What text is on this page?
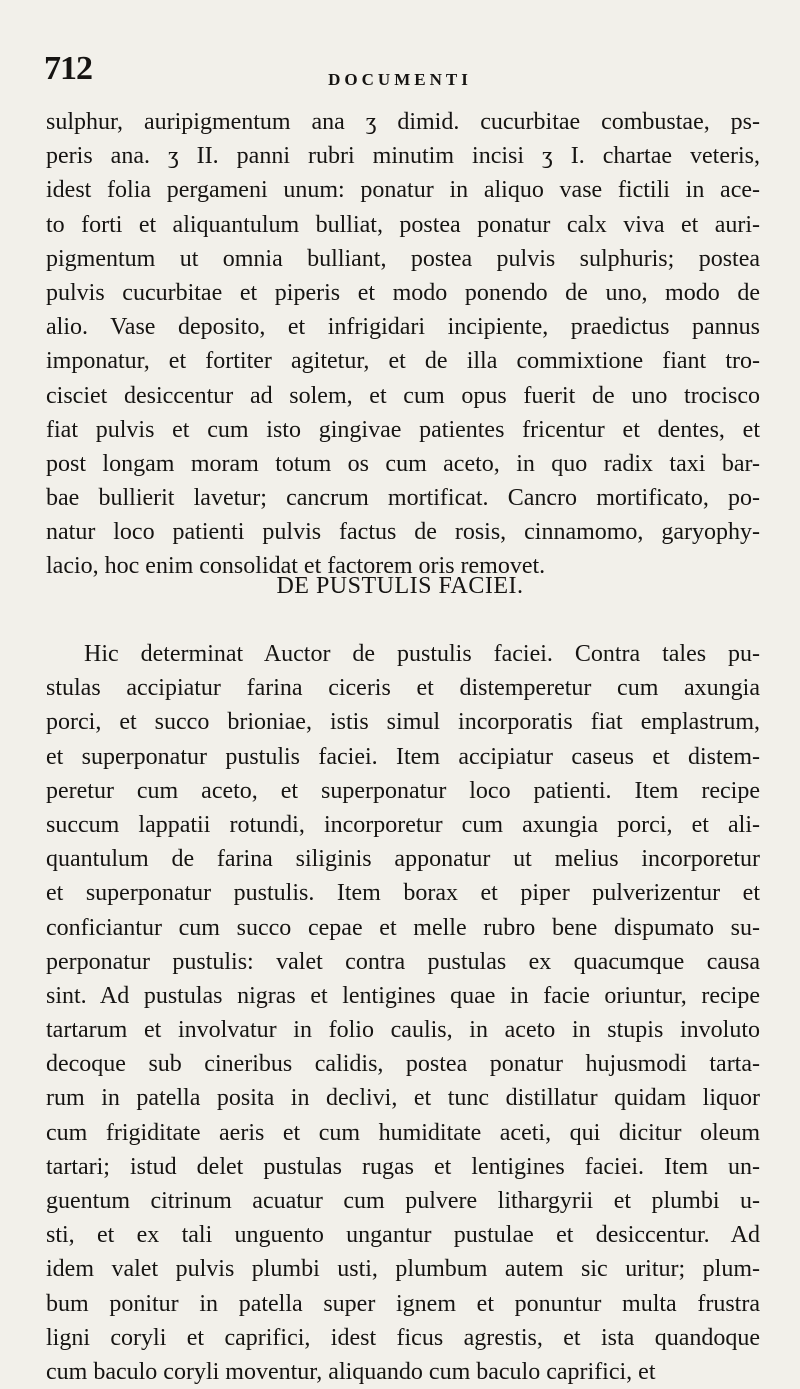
712	DOCUMENTI
sulphur, auripigmentum ana ʒ dimid. cucurbitae combustae, ps-
peris ana. ʒ II. panni rubri minutim incisi ʒ I. chartae veteris,
idest folia pergameni unum: ponatur in aliquo vase fictili in ace-
to forti et aliquantulum bulliat, postea ponatur calx viva et auri-
pigmentum ut omnia bulliant, postea pulvis sulphuris; postea
pulvis cucurbitae et piperis et modo ponendo de uno, modo de
alio. Vase deposito, et infrigidari incipiente, praedictus pannus
imponatur, et fortiter agitetur, et de illa commixtione fiant tro-
cisciet desiccentur ad solem, et cum opus fuerit de uno trocisco
fiat pulvis et cum isto gingivae patientes fricentur et dentes, et
post longam moram totum os cum aceto, in quo radix taxi bar-
bae bullierit lavetur; cancrum mortificat. Cancro mortificato, po-
natur loco patienti pulvis factus de rosis, cinnamomo, garyophy-
lacio, hoc enim consolidat et factorem oris removet.
DE PUSTULIS FACIEI.
Hic determinat Auctor de pustulis faciei. Contra tales pu-
stulas accipiatur farina ciceris et distemperetur cum axungia
porci, et succo brioniae, istis simul incorporatis fiat emplastrum,
et superponatur pustulis faciei. Item accipiatur caseus et distem-
peretur cum aceto, et superponatur loco patienti. Item recipe
succum lappatii rotundi, incorporetur cum axungia porci, et ali-
quantulum de farina siliginis apponatur ut melius incorporetur
et superponatur pustulis. Item borax et piper pulverizentur et
conficiantur cum succo cepae et melle rubro bene dispumato su-
perponatur pustulis: valet contra pustulas ex quacumque causa
sint. Ad pustulas nigras et lentigines quae in facie oriuntur, recipe
tartarum et involvatur in folio caulis, in aceto in stupis involuto
decoque sub cineribus calidis, postea ponatur hujusmodi tarta-
rum in patella posita in declivi, et tunc distillatur quidam liquor
cum frigiditate aeris et cum humiditate aceti, qui dicitur oleum
tartari; istud delet pustulas rugas et lentigines faciei. Item un-
guentum citrinum acuatur cum pulvere lithargyrii et plumbi u-
sti, et ex tali unguento ungantur pustulae et desiccentur. Ad
idem valet pulvis plumbi usti, plumbum autem sic uritur; plum-
bum ponitur in patella super ignem et ponuntur multa frustra
ligni coryli et caprifici, idest ficus agrestis, et ista quandoque
cum baculo coryli moventur, aliquando cum baculo caprifici, et
